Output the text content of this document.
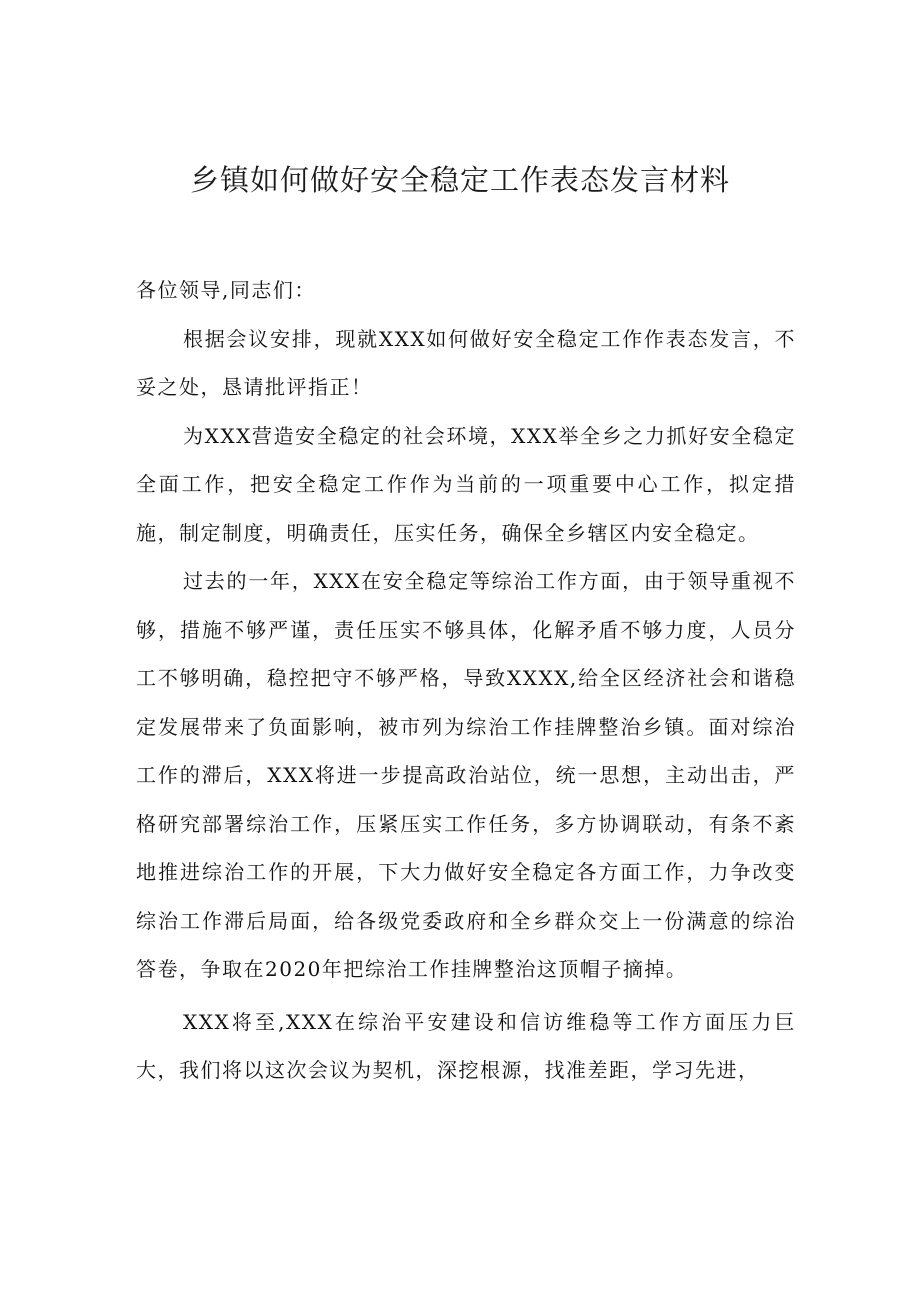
乡镇如何做好安全稳定工作表态发言材料

各位领导,同志们：

根据会议安排，现就XXX如何做好安全稳定工作作表态发言，不妥之处，恳请批评指正！

为XXX营造安全稳定的社会环境，XXX举全乡之力抓好安全稳定全面工作，把安全稳定工作作为当前的一项重要中心工作，拟定措施，制定制度，明确责任，压实任务，确保全乡辖区内安全稳定。

过去的一年，XXX在安全稳定等综治工作方面，由于领导重视不够，措施不够严谨，责任压实不够具体，化解矛盾不够力度，人员分工不够明确，稳控把守不够严格，导致XXXX,给全区经济社会和谐稳定发展带来了负面影响，被市列为综治工作挂牌整治乡镇。面对综治工作的滞后，XXX将进一步提高政治站位，统一思想，主动出击，严格研究部署综治工作，压紧压实工作任务，多方协调联动，有条不紊地推进综治工作的开展，下大力做好安全稳定各方面工作，力争改变综治工作滞后局面，给各级党委政府和全乡群众交上一份满意的综治答卷，争取在2020年把综治工作挂牌整治这顶帽子摘掉。

XXX将至,XXX在综治平安建设和信访维稳等工作方面压力巨大，我们将以这次会议为契机，深挖根源，找准差距，学习先进，
